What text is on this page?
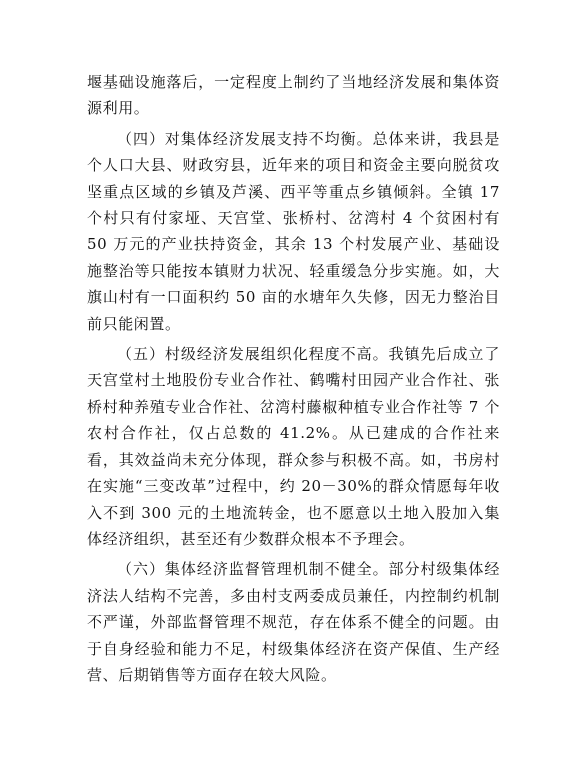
堰基础设施落后，一定程度上制约了当地经济发展和集体资源利用。

（四）对集体经济发展支持不均衡。总体来讲，我县是个人口大县、财政穷县，近年来的项目和资金主要向脱贫攻坚重点区域的乡镇及芦溪、西平等重点乡镇倾斜。全镇 17 个村只有付家垭、天宫堂、张桥村、岔湾村 4 个贫困村有 50 万元的产业扶持资金，其余 13 个村发展产业、基础设施整治等只能按本镇财力状况、轻重缓急分步实施。如，大旗山村有一口面积约 50 亩的水塘年久失修，因无力整治目前只能闲置。

（五）村级经济发展组织化程度不高。我镇先后成立了天宫堂村土地股份专业合作社、鹤嘴村田园产业合作社、张桥村种养殖专业合作社、岔湾村藤椒种植专业合作社等 7 个农村合作社，仅占总数的 41.2%。从已建成的合作社来看，其效益尚未充分体现，群众参与积极不高。如，书房村在实施“三变改革”过程中，约 20－30%的群众情愿每年收入不到 300 元的土地流转金，也不愿意以土地入股加入集体经济组织，甚至还有少数群众根本不予理会。

（六）集体经济监督管理机制不健全。部分村级集体经济法人结构不完善，多由村支两委成员兼任，内控制约机制不严谨，外部监督管理不规范，存在体系不健全的问题。由于自身经验和能力不足，村级集体经济在资产保值、生产经营、后期销售等方面存在较大风险。
